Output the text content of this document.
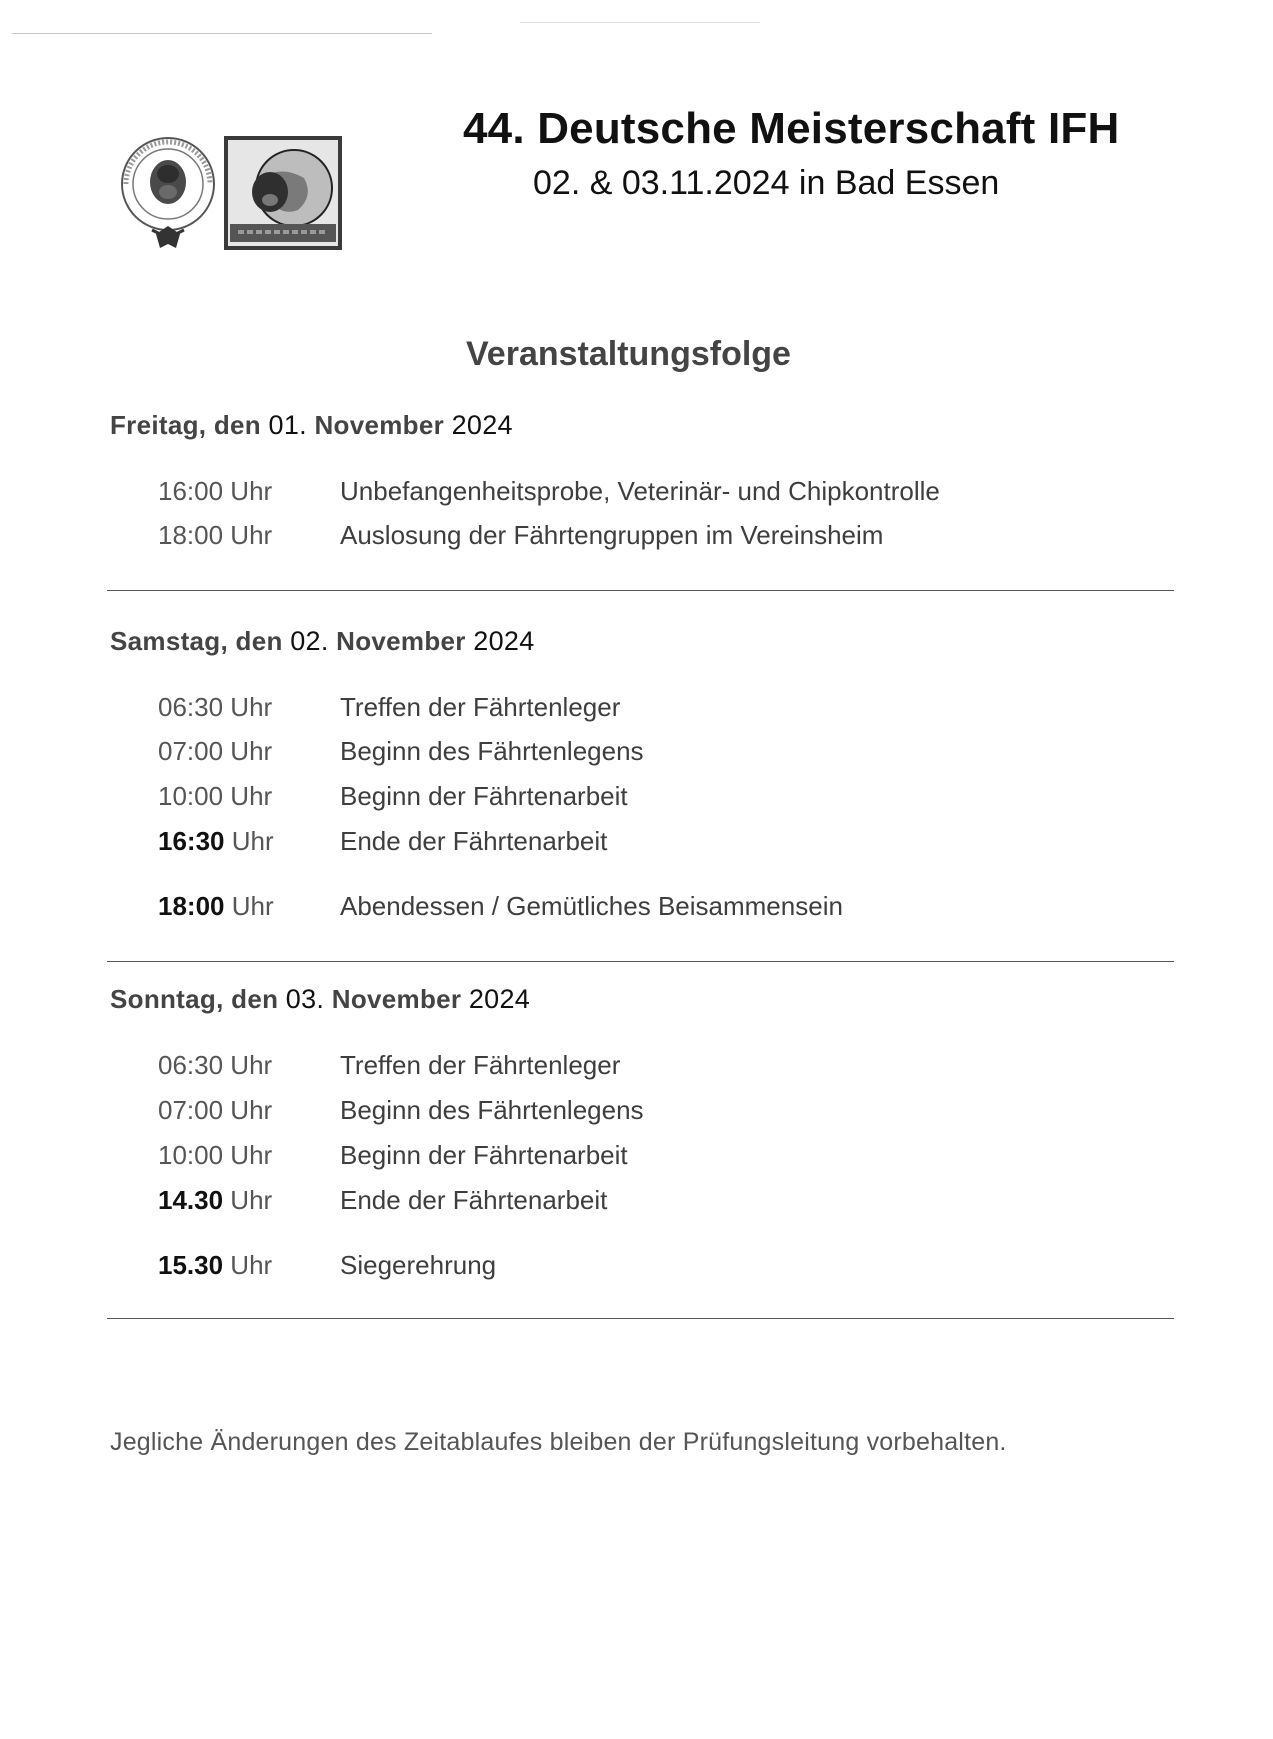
44. Deutsche Meisterschaft IFH

02. & 03.11.2024 in Bad Essen

Veranstaltungsfolge

Freitag, den 01. November 2024

16:00 Uhr	Unbefangenheitsprobe, Veterinär- und Chipkontrolle
18:00 Uhr	Auslosung der Fährtengruppen im Vereinsheim

Samstag, den 02. November 2024

06:30 Uhr	Treffen der Fährtenleger
07:00 Uhr	Beginn des Fährtenlegens
10:00 Uhr	Beginn der Fährtenarbeit
16:30 Uhr	Ende der Fährtenarbeit
18:00 Uhr	Abendessen / Gemütliches Beisammensein

Sonntag, den 03. November 2024

06:30 Uhr	Treffen der Fährtenleger
07:00 Uhr	Beginn des Fährtenlegens
10:00 Uhr	Beginn der Fährtenarbeit
14.30 Uhr	Ende der Fährtenarbeit
15.30 Uhr	Siegerehrung

Jegliche Änderungen des Zeitablaufes bleiben der Prüfungsleitung vorbehalten.
